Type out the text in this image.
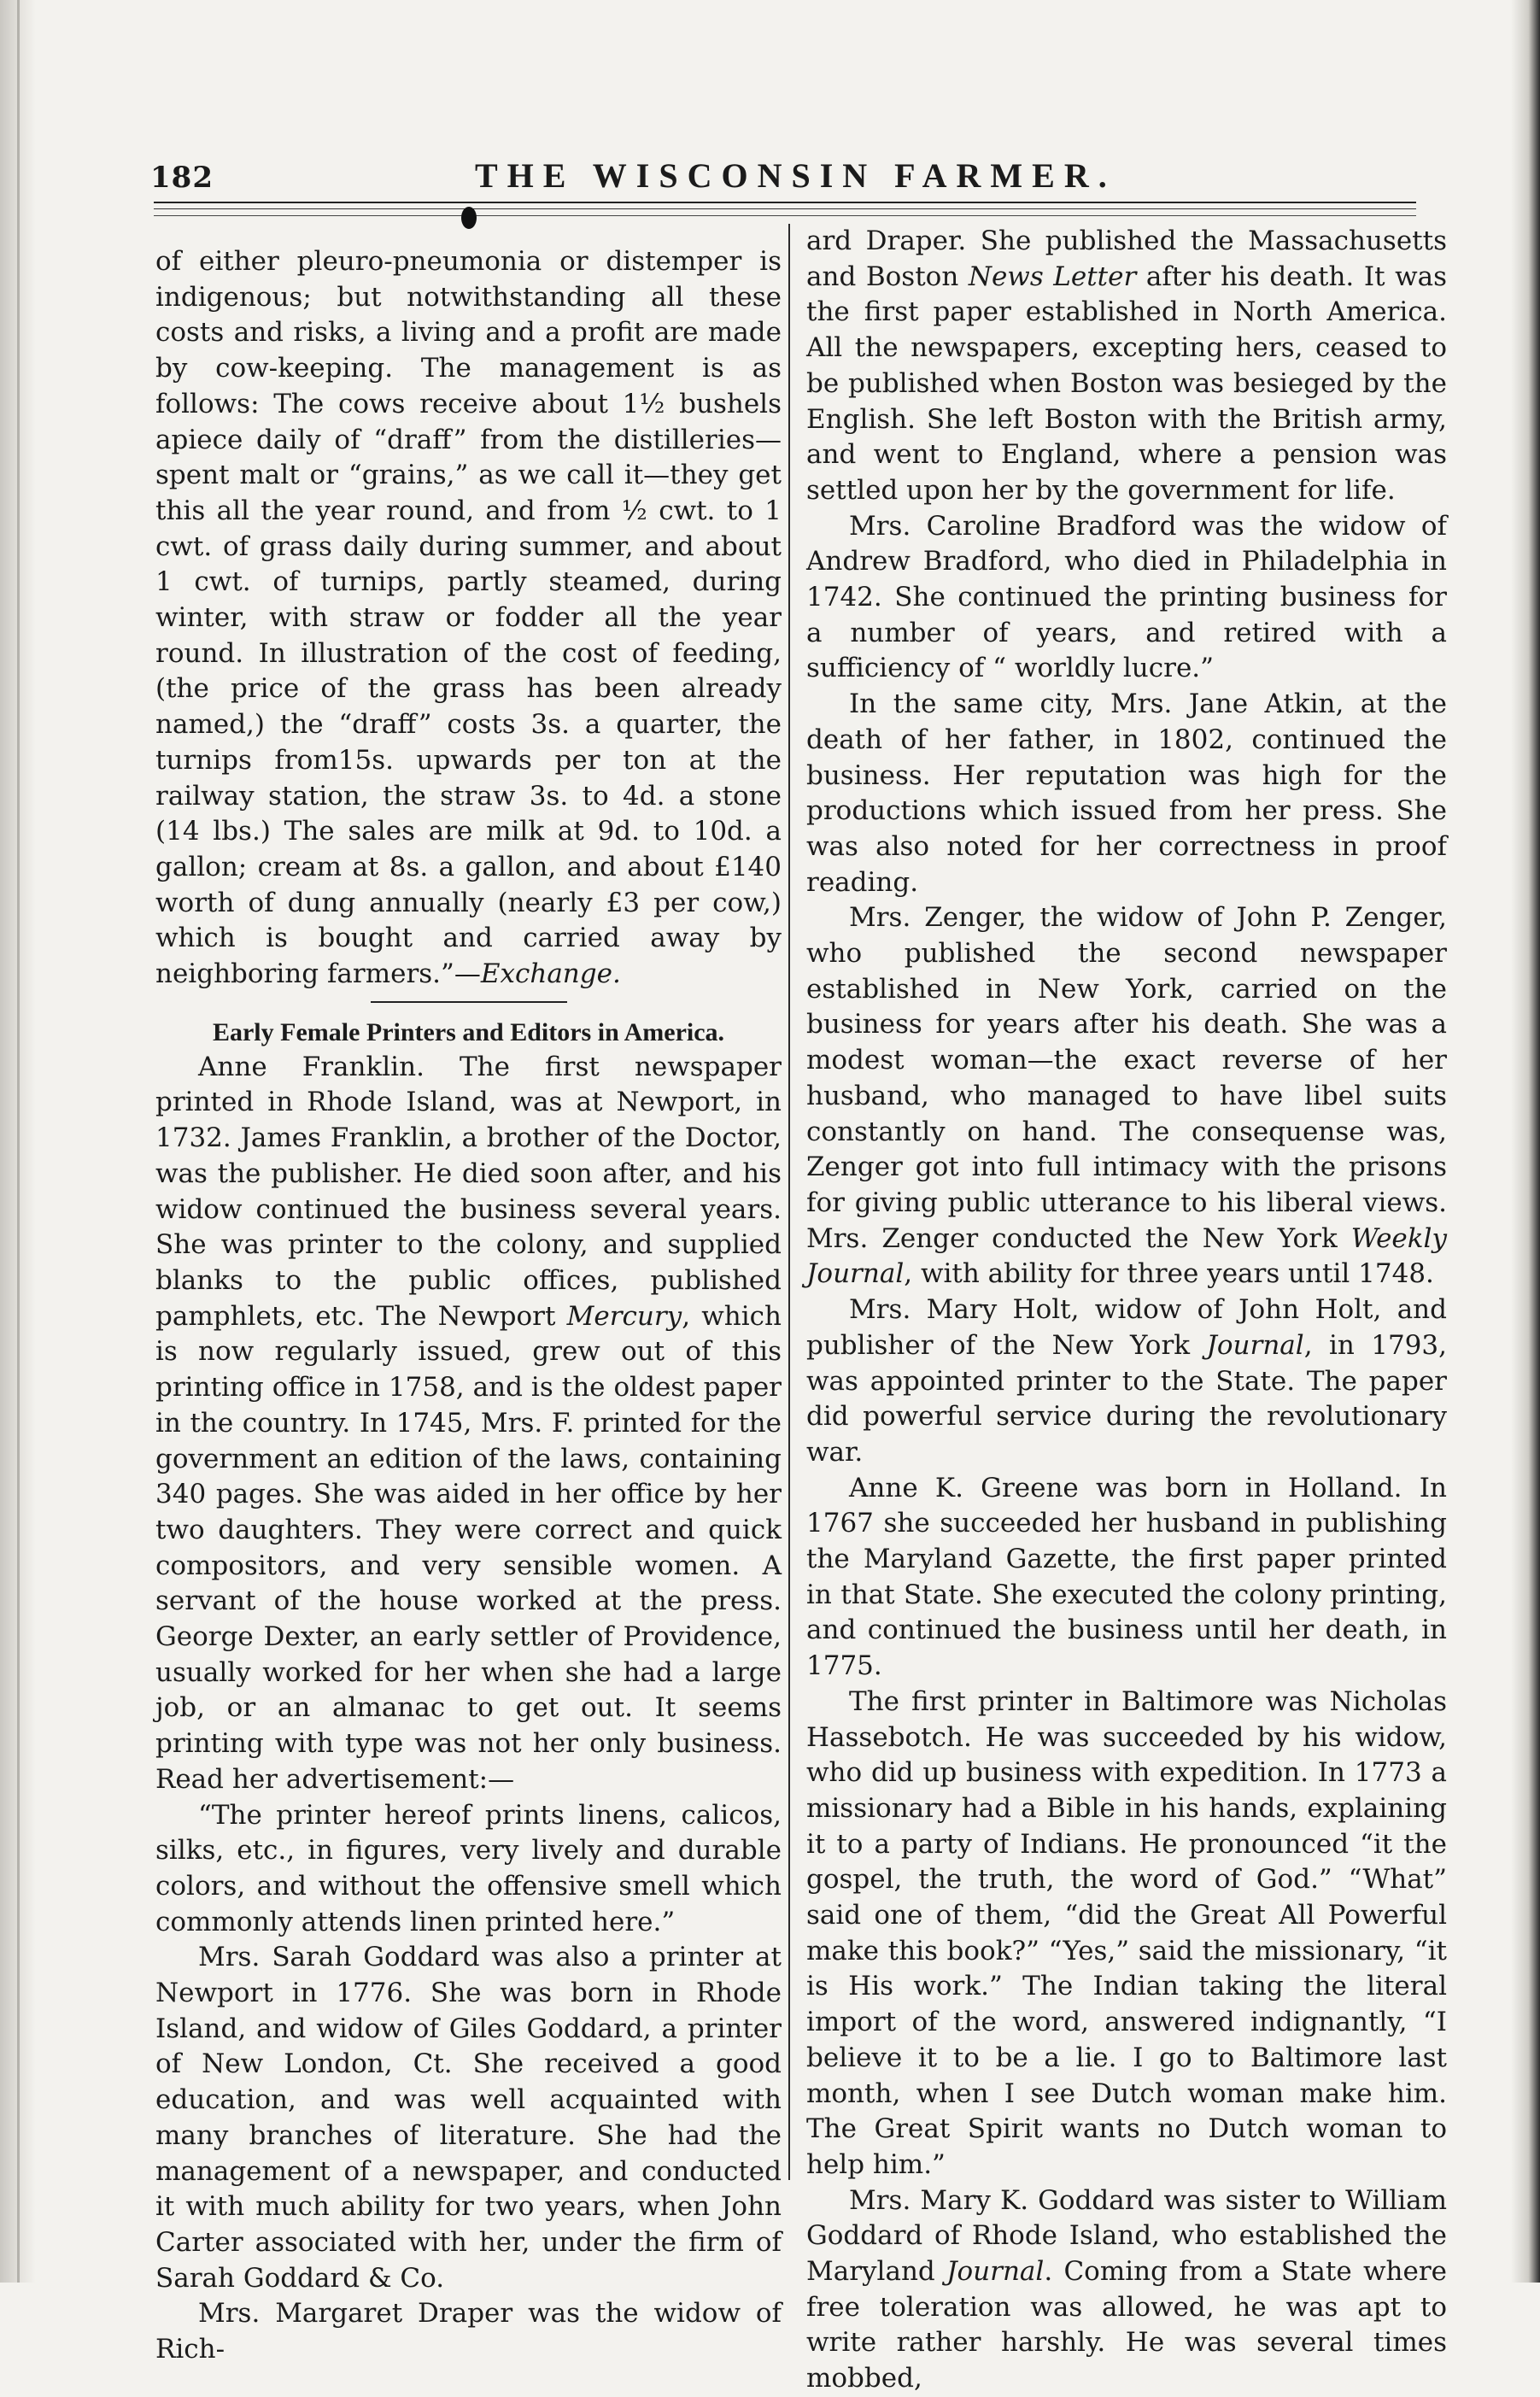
182	THE WISCONSIN FARMER.

of either pleuro-pneumonia or distemper is indigenous; but notwithstanding all these costs and risks, a living and a profit are made by cow-keeping. The management is as follows: The cows receive about 1½ bushels apiece daily of “draff” from the distilleries—spent malt or “grains,” as we call it—they get this all the year round, and from ½ cwt. to 1 cwt. of grass daily during summer, and about 1 cwt. of turnips, partly steamed, during winter, with straw or fodder all the year round. In illustration of the cost of feeding, (the price of the grass has been already named,) the “draff” costs 3s. a quarter, the turnips from15s. upwards per ton at the railway station, the straw 3s. to 4d. a stone (14 lbs.) The sales are milk at 9d. to 10d. a gallon; cream at 8s. a gallon, and about £140 worth of dung annually (nearly £3 per cow,) which is bought and carried away by neighboring farmers.”—Exchange.

Early Female Printers and Editors in America.

Anne Franklin. The first newspaper printed in Rhode Island, was at Newport, in 1732. James Franklin, a brother of the Doctor, was the publisher. He died soon after, and his widow continued the business several years. She was printer to the colony, and supplied blanks to the public offices, published pamphlets, etc. The Newport Mercury, which is now regularly issued, grew out of this printing office in 1758, and is the oldest paper in the country. In 1745, Mrs. F. printed for the government an edition of the laws, containing 340 pages. She was aided in her office by her two daughters. They were correct and quick compositors, and very sensible women. A servant of the house worked at the press. George Dexter, an early settler of Providence, usually worked for her when she had a large job, or an almanac to get out. It seems printing with type was not her only business. Read her advertisement:—

“The printer hereof prints linens, calicos, silks, etc., in figures, very lively and durable colors, and without the offensive smell which commonly attends linen printed here.”

Mrs. Sarah Goddard was also a printer at Newport in 1776. She was born in Rhode Island, and widow of Giles Goddard, a printer of New London, Ct. She received a good education, and was well acquainted with many branches of literature. She had the management of a newspaper, and conducted it with much ability for two years, when John Carter associated with her, under the firm of Sarah Goddard & Co.

Mrs. Margaret Draper was the widow of Rich-

ard Draper. She published the Massachusetts and Boston News Letter after his death. It was the first paper established in North America. All the newspapers, excepting hers, ceased to be published when Boston was besieged by the English. She left Boston with the British army, and went to England, where a pension was settled upon her by the government for life.

Mrs. Caroline Bradford was the widow of Andrew Bradford, who died in Philadelphia in 1742. She continued the printing business for a number of years, and retired with a sufficiency of “ worldly lucre.”

In the same city, Mrs. Jane Atkin, at the death of her father, in 1802, continued the business. Her reputation was high for the productions which issued from her press. She was also noted for her correctness in proof reading.

Mrs. Zenger, the widow of John P. Zenger, who published the second newspaper established in New York, carried on the business for years after his death. She was a modest woman—the exact reverse of her husband, who managed to have libel suits constantly on hand. The consequense was, Zenger got into full intimacy with the prisons for giving public utterance to his liberal views. Mrs. Zenger conducted the New York Weekly Journal, with ability for three years until 1748.

Mrs. Mary Holt, widow of John Holt, and publisher of the New York Journal, in 1793, was appointed printer to the State. The paper did powerful service during the revolutionary war.

Anne K. Greene was born in Holland. In 1767 she succeeded her husband in publishing the Maryland Gazette, the first paper printed in that State. She executed the colony printing, and continued the business until her death, in 1775.

The first printer in Baltimore was Nicholas Hassebotch. He was succeeded by his widow, who did up business with expedition. In 1773 a missionary had a Bible in his hands, explaining it to a party of Indians. He pronounced “it the gospel, the truth, the word of God.” “What” said one of them, “did the Great All Powerful make this book?” “Yes,” said the missionary, “it is His work.” The Indian taking the literal import of the word, answered indignantly, “I believe it to be a lie. I go to Baltimore last month, when I see Dutch woman make him. The Great Spirit wants no Dutch woman to help him.”

Mrs. Mary K. Goddard was sister to William Goddard of Rhode Island, who established the Maryland Journal. Coming from a State where free toleration was allowed, he was apt to write rather harshly. He was several times mobbed,
